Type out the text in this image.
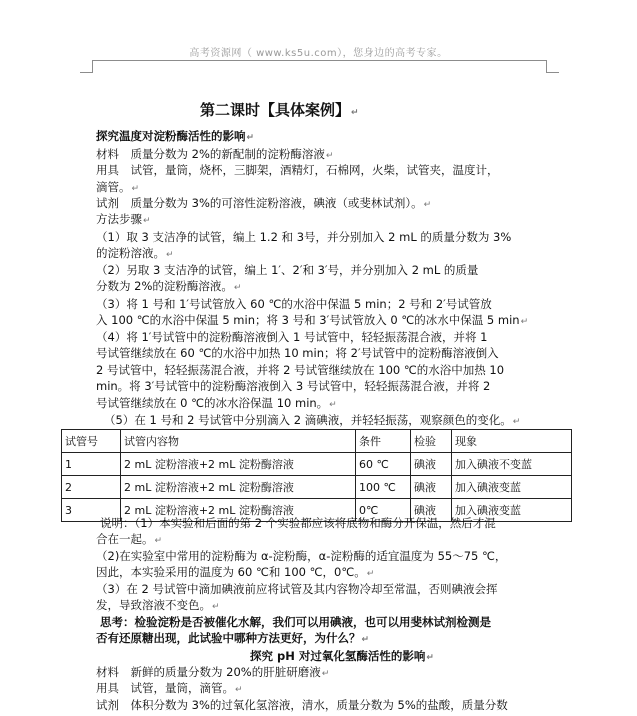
高考资源网（ www.ks5u.com），您身边的高考专家。
第二课时【具体案例】↵
探究温度对淀粉酶活性的影响↵
材料　质量分数为 2%的新配制的淀粉酶溶液↵
用具　试管，量筒，烧杯，三脚架，酒精灯，石棉网，火柴，试管夹，温度计，
滴管。↵
试剂　质量分数为 3%的可溶性淀粉溶液，碘液（或斐林试剂）。↵
方法步骤↵
（1）取 3 支洁净的试管，编上 1.2 和 3号，并分别加入 2 mL 的质量分数为 3%
的淀粉溶液。↵
（2）另取 3 支洁净的试管，编上 1′、2′和 3′号，并分别加入 2 mL 的质量
分数为 2%的淀粉酶溶液。↵
（3）将 1 号和 1′号试管放入 60 ℃的水浴中保温 5 min；2 号和 2′号试管放
入 100 ℃的水浴中保温 5 min；将 3 号和 3′号试管放入 0 ℃的冰水中保温 5 min↵
（4）将 1′号试管中的淀粉酶溶液倒入 1 号试管中，轻轻振荡混合液，并将 1
号试管继续放在 60 ℃的水浴中加热 10 min；将 2′号试管中的淀粉酶溶液倒入
2 号试管中，轻轻振荡混合液，并将 2 号试管继续放在 100 ℃的水浴中加热 10
min。将 3′号试管中的淀粉酶溶液倒入 3 号试管中，轻轻振荡混合液，并将 2
号试管继续放在 0 ℃的冰水浴保温 10 min。↵
（5）在 1 号和 2 号试管中分别滴入 2 滴碘液，并轻轻振荡，观察颜色的变化。↵
试管号	试管内容物	条件	检验	现象
1	2 mL 淀粉溶液+2 mL 淀粉酶溶液	60 ℃	碘液	加入碘液不变蓝
2	2 mL 淀粉溶液+2 mL 淀粉酶溶液	100 ℃	碘液	加入碘液变蓝
3	2 mL 淀粉溶液+2 mL 淀粉酶溶液	0℃	碘液	加入碘液变蓝
说明：（1）本实验和后面的第 2 个实验都应该将底物和酶分开保温，然后才混
合在一起。↵
（2)在实验室中常用的淀粉酶为 α-淀粉酶，α-淀粉酶的适宜温度为 55～75 ℃，
因此，本实验采用的温度为 60 ℃和 100 ℃，0℃。↵
（3）在 2 号试管中滴加碘液前应将试管及其内容物冷却至常温，否则碘液会挥
发，导致溶液不变色。↵
思考：检验淀粉是否被催化水解，我们可以用碘液，也可以用斐林试剂检测是
否有还原糖出现，此试验中哪种方法更好，为什么？↵
探究 pH 对过氧化氢酶活性的影响↵
材料　新鲜的质量分数为 20%的肝脏研磨液↵
用具　试管，量筒，滴管。↵
试剂　体积分数为 3%的过氧化氢溶液，清水，质量分数为 5%的盐酸，质量分数
